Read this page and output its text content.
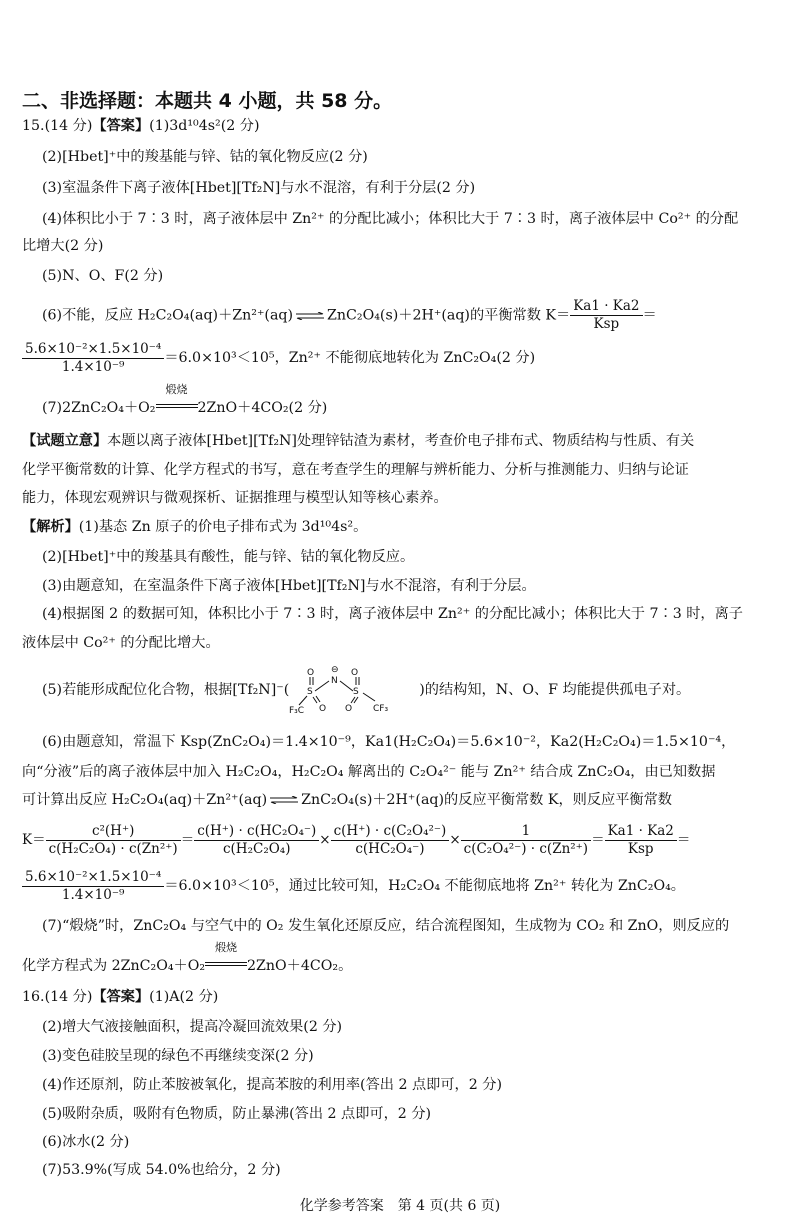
二、非选择题：本题共 4 小题，共 58 分。
15.(14 分)【答案】(1)3d¹⁰4s²(2 分)
(2)[Hbet]⁺中的羧基能与锌、钴的氧化物反应(2 分)
(3)室温条件下离子液体[Hbet][Tf₂N]与水不混溶，有利于分层(2 分)
(4)体积比小于 7∶3 时，离子液体层中 Zn²⁺ 的分配比减小；体积比大于 7∶3 时，离子液体层中 Co²⁺ 的分配
比增大(2 分)
(5)N、O、F(2 分)
(6)不能，反应 H₂C₂O₄(aq)＋Zn²⁺(aq)⇌ZnC₂O₄(s)＋2H⁺(aq)的平衡常数 $K= \frac{Ka1 \cdot Ka2}{\text{Ksp}}$ ＝
$\frac{\text{5.6×10⁻²×1.5×10⁻⁴}}{\text{1.4×10⁻⁹}} =6.0\times 10^3<10^5$，Zn²⁺ 不能彻底地转化为 ZnC₂O₄(2 分)
(7)2ZnC₂O₄＋O₂
煅烧
2ZnO＋4CO₂(2 分)
【试题立意】本题以离子液体[Hbet][Tf₂N]处理锌钴渣为素材，考查价电子排布式、物质结构与性质、有关
化学平衡常数的计算、化学方程式的书写，意在考查学生的理解与辨析能力、分析与推测能力、归纳与论证
能力，体现宏观辨识与微观探析、证据推理与模型认知等核心素养。
【解析】(1)基态 Zn 原子的价电子排布式为 3d¹⁰4s²。
(2)[Hbet]⁺中的羧基具有酸性，能与锌、钴的氧化物反应。
(3)由题意知，在室温条件下离子液体[Hbet][Tf₂N]与水不混溶，有利于分层。
(4)根据图 2 的数据可知，体积比小于 7∶3 时，离子液体层中 Zn²⁺ 的分配比减小；体积比大于 7∶3 时，离子
液体层中 Co²⁺ 的分配比增大。
(5)若能形成配位化合物，根据[Tf₂N]⁻(
O
S
⊖
N
S
O
F₃C O O CF₃
)的结构知，N、O、F 均能提供孤电子对。
(6)由题意知，常温下 Ksp(ZnC₂O₄)＝1.4×10⁻⁹，Ka1(H₂C₂O₄)＝5.6×10⁻²，Ka2(H₂C₂O₄)＝1.5×10⁻⁴，
向“分液”后的离子液体层中加入 H₂C₂O₄，H₂C₂O₄ 解离出的 C₂O₄²⁻ 能与 Zn²⁺ 结合成 ZnC₂O₄，由已知数据
可计算出反应 H₂C₂O₄(aq)＋Zn²⁺(aq)⇌ZnC₂O₄(s)＋2H⁺(aq)的反应平衡常数 K，则反应平衡常数
$K= \frac{\text{c²(H⁺)}}{\text{c(H₂C₂O₄) · c(Zn²⁺)}} = \frac{\text{c(H⁺) · c(HC₂O₄⁻)}}{\text{c(H₂C₂O₄)}} \times \frac{\text{c(H⁺) · c(C₂O₄²⁻)}}{\text{c(HC₂O₄⁻)}} \times \frac{1}{\text{c(C₂O₄²⁻) · c(Zn²⁺)}} = \frac{Ka1 \cdot Ka2}{\text{Ksp}}$ ＝
$\frac{\text{5.6×10⁻²×1.5×10⁻⁴}}{\text{1.4×10⁻⁹}} =6.0\times 10^3<10^5$，通过比较可知，H₂C₂O₄ 不能彻底地将 Zn²⁺ 转化为 ZnC₂O₄。
(7)“煅烧”时，ZnC₂O₄ 与空气中的 O₂ 发生氧化还原反应，结合流程图知，生成物为 CO₂ 和 ZnO，则反应的
化学方程式为 2ZnC₂O₄＋O₂
煅烧
2ZnO＋4CO₂。
16.(14 分)【答案】(1)A(2 分)
(2)增大气液接触面积，提高冷凝回流效果(2 分)
(3)变色硅胶呈现的绿色不再继续变深(2 分)
(4)作还原剂，防止苯胺被氧化，提高苯胺的利用率(答出 2 点即可，2 分)
(5)吸附杂质，吸附有色物质，防止暴沸(答出 2 点即可，2 分)
(6)冰水(2 分)
(7)53.9%(写成 54.0%也给分，2 分)
化学参考答案　第 4 页(共 6 页)
